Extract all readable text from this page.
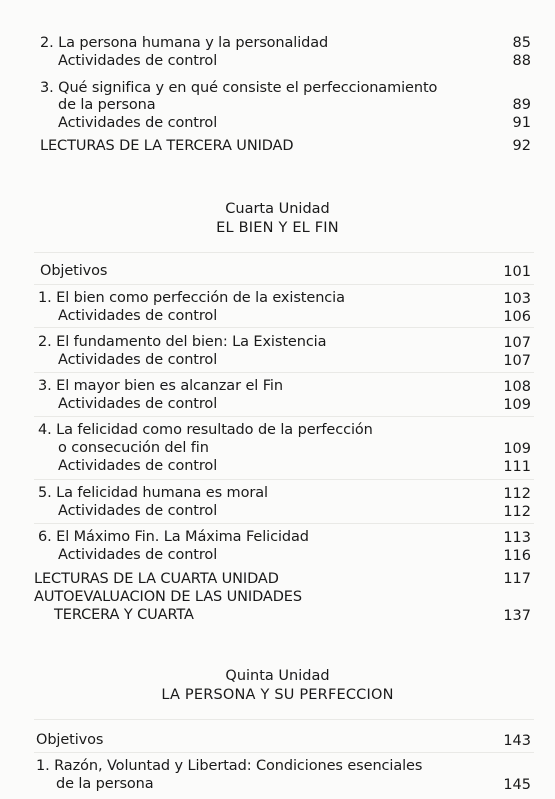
2. La persona humana y la personalidad	85
Actividades de control	88
3. Qué significa y en qué consiste el perfeccionamiento
de la persona	89
Actividades de control	91
LECTURAS DE LA TERCERA UNIDAD	92
Cuarta Unidad
EL BIEN Y EL FIN
Objetivos	101
1. El bien como perfección de la existencia	103
Actividades de control	106
2. El fundamento del bien: La Existencia	107
Actividades de control	107
3. El mayor bien es alcanzar el Fin	108
Actividades de control	109
4. La felicidad como resultado de la perfección
o consecución del fin	109
Actividades de control	111
5. La felicidad humana es moral	112
Actividades de control	112
6. El Máximo Fin. La Máxima Felicidad	113
Actividades de control	116
LECTURAS DE LA CUARTA UNIDAD	117
AUTOEVALUACION DE LAS UNIDADES
TERCERA Y CUARTA	137
Quinta Unidad
LA PERSONA Y SU PERFECCION
Objetivos	143
1. Razón, Voluntad y Libertad: Condiciones esenciales
de la persona	145
